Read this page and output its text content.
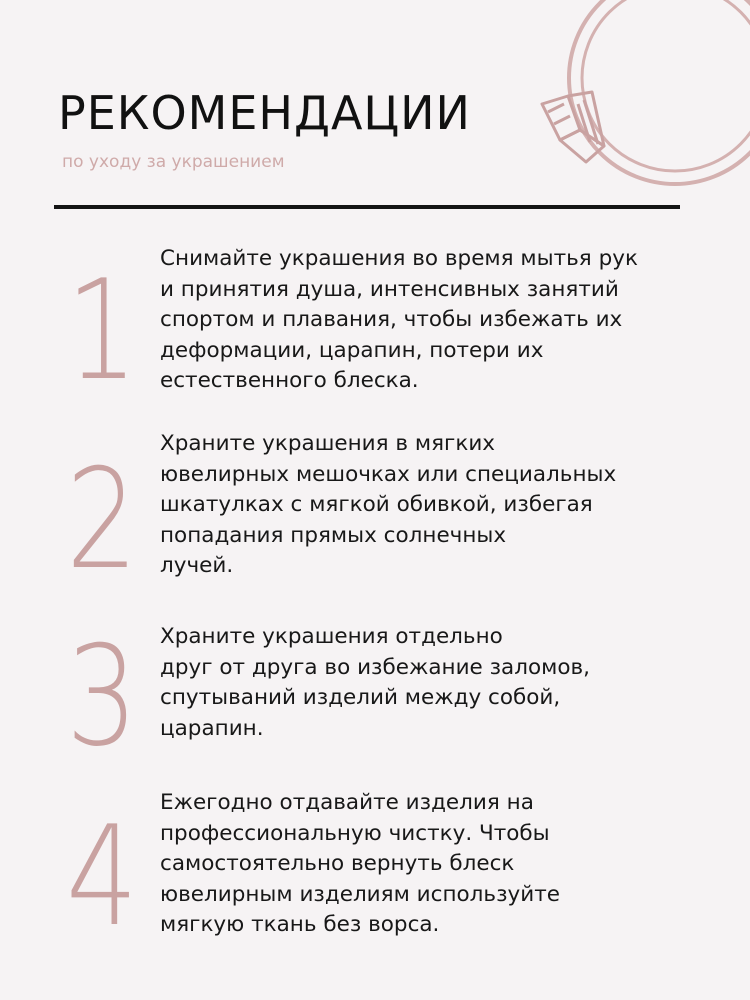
РЕКОМЕНДАЦИИ

по уходу за украшением

1 Снимайте украшения во время мытья рук
и принятия душа, интенсивных занятий
спортом и плавания, чтобы избежать их
деформации, царапин, потери их
естественного блеска.

2 Храните украшения в мягких
ювелирных мешочках или специальных
шкатулках с мягкой обивкой, избегая
попадания прямых солнечных
лучей.

3 Храните украшения отдельно
друг от друга во избежание заломов,
спутываний изделий между собой,
царапин.

4 Ежегодно отдавайте изделия на
профессиональную чистку. Чтобы
самостоятельно вернуть блеск
ювелирным изделиям используйте
мягкую ткань без ворса.
